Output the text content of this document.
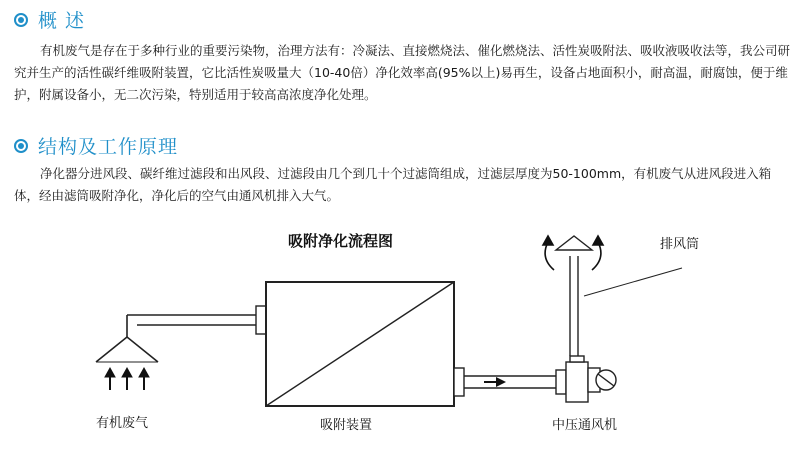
概 述
有机废气是存在于多种行业的重要污染物，治理方法有：冷凝法、直接燃烧法、催化燃烧法、活性炭吸附法、吸收液吸收法等，我公司研究并生产的活性碳纤维吸附装置，它比活性炭吸量大（10-40倍）净化效率高(95%以上)易再生，设备占地面积小，耐高温，耐腐蚀，便于维护，附属设备小，无二次污染，特别适用于较高高浓度净化处理。
结构及工作原理
净化器分进风段、碳纤维过滤段和出风段、过滤段由几个到几十个过滤筒组成，过滤层厚度为50-100mm，有机废气从进风段进入箱体，经由滤筒吸附净化，净化后的空气由通风机排入大气。
吸附净化流程图	排风筒
有机废气	吸附装置	中压通风机
